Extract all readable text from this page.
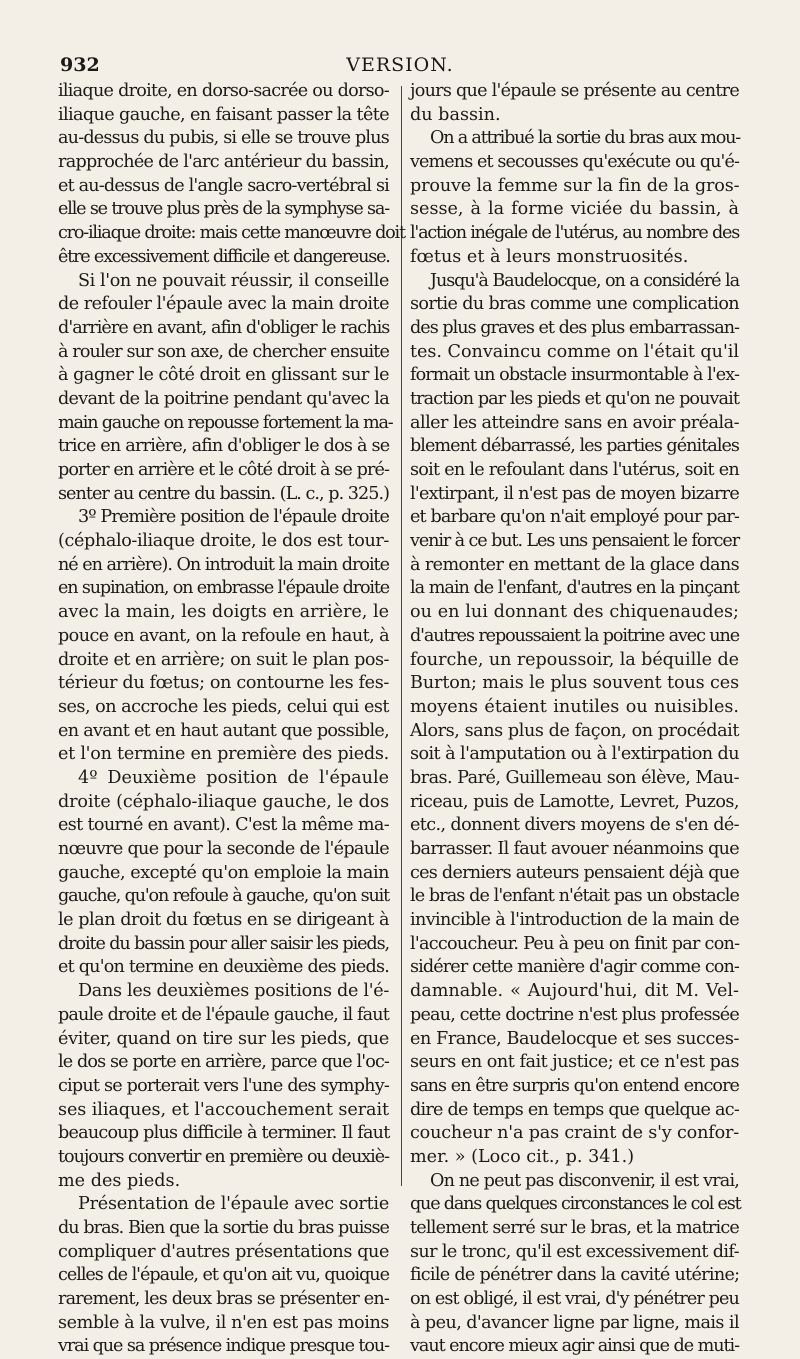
932	VERSION.
iliaque droite, en dorso-sacrée ou dorso-
iliaque gauche, en faisant passer la tête
au-dessus du pubis, si elle se trouve plus
rapprochée de l'arc antérieur du bassin,
et au-dessus de l'angle sacro-vertébral si
elle se trouve plus près de la symphyse sa-
cro-iliaque droite: mais cette manœuvre doit
être excessivement difficile et dangereuse.
Si l'on ne pouvait réussir, il conseille
de refouler l'épaule avec la main droite
d'arrière en avant, afin d'obliger le rachis
à rouler sur son axe, de chercher ensuite
à gagner le côté droit en glissant sur le
devant de la poitrine pendant qu'avec la
main gauche on repousse fortement la ma-
trice en arrière, afin d'obliger le dos à se
porter en arrière et le côté droit à se pré-
senter au centre du bassin. (L. c., p. 325.)
3º Première position de l'épaule droite
(céphalo-iliaque droite, le dos est tour-
né en arrière). On introduit la main droite
en supination, on embrasse l'épaule droite
avec la main, les doigts en arrière, le
pouce en avant, on la refoule en haut, à
droite et en arrière; on suit le plan pos-
térieur du fœtus; on contourne les fes-
ses, on accroche les pieds, celui qui est
en avant et en haut autant que possible,
et l'on termine en première des pieds.
4º Deuxième position de l'épaule
droite (céphalo-iliaque gauche, le dos
est tourné en avant). C'est la même ma-
nœuvre que pour la seconde de l'épaule
gauche, excepté qu'on emploie la main
gauche, qu'on refoule à gauche, qu'on suit
le plan droit du fœtus en se dirigeant à
droite du bassin pour aller saisir les pieds,
et qu'on termine en deuxième des pieds.
Dans les deuxièmes positions de l'é-
paule droite et de l'épaule gauche, il faut
éviter, quand on tire sur les pieds, que
le dos se porte en arrière, parce que l'oc-
ciput se porterait vers l'une des symphy-
ses iliaques, et l'accouchement serait
beaucoup plus difficile à terminer. Il faut
toujours convertir en première ou deuxiè-
me des pieds.
Présentation de l'épaule avec sortie
du bras. Bien que la sortie du bras puisse
compliquer d'autres présentations que
celles de l'épaule, et qu'on ait vu, quoique
rarement, les deux bras se présenter en-
semble à la vulve, il n'en est pas moins
vrai que sa présence indique presque tou-
jours que l'épaule se présente au centre
du bassin.
On a attribué la sortie du bras aux mou-
vemens et secousses qu'exécute ou qu'é-
prouve la femme sur la fin de la gros-
sesse, à la forme viciée du bassin, à
l'action inégale de l'utérus, au nombre des
fœtus et à leurs monstruosités.
Jusqu'à Baudelocque, on a considéré la
sortie du bras comme une complication
des plus graves et des plus embarrassan-
tes. Convaincu comme on l'était qu'il
formait un obstacle insurmontable à l'ex-
traction par les pieds et qu'on ne pouvait
aller les atteindre sans en avoir préala-
blement débarrassé, les parties génitales
soit en le refoulant dans l'utérus, soit en
l'extirpant, il n'est pas de moyen bizarre
et barbare qu'on n'ait employé pour par-
venir à ce but. Les uns pensaient le forcer
à remonter en mettant de la glace dans
la main de l'enfant, d'autres en la pinçant
ou en lui donnant des chiquenaudes;
d'autres repoussaient la poitrine avec une
fourche, un repoussoir, la béquille de
Burton; mais le plus souvent tous ces
moyens étaient inutiles ou nuisibles.
Alors, sans plus de façon, on procédait
soit à l'amputation ou à l'extirpation du
bras. Paré, Guillemeau son élève, Mau-
riceau, puis de Lamotte, Levret, Puzos,
etc., donnent divers moyens de s'en dé-
barrasser. Il faut avouer néanmoins que
ces derniers auteurs pensaient déjà que
le bras de l'enfant n'était pas un obstacle
invincible à l'introduction de la main de
l'accoucheur. Peu à peu on finit par con-
sidérer cette manière d'agir comme con-
damnable. « Aujourd'hui, dit M. Vel-
peau, cette doctrine n'est plus professée
en France, Baudelocque et ses succes-
seurs en ont fait justice; et ce n'est pas
sans en être surpris qu'on entend encore
dire de temps en temps que quelque ac-
coucheur n'a pas craint de s'y confor-
mer. » (Loco cit., p. 341.)
On ne peut pas disconvenir, il est vrai,
que dans quelques circonstances le col est
tellement serré sur le bras, et la matrice
sur le tronc, qu'il est excessivement dif-
ficile de pénétrer dans la cavité utérine;
on est obligé, il est vrai, d'y pénétrer peu
à peu, d'avancer ligne par ligne, mais il
vaut encore mieux agir ainsi que de muti-
